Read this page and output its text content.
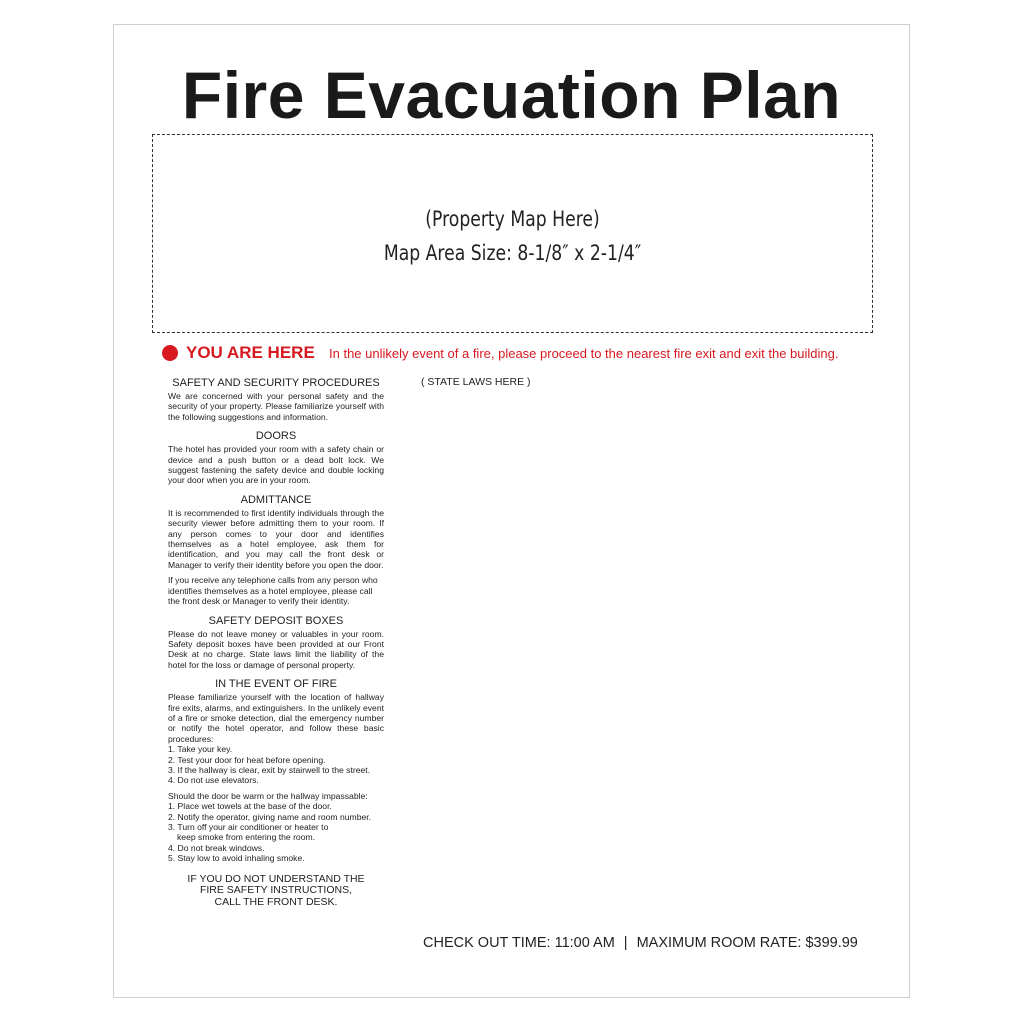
Fire Evacuation Plan
(Property Map Here)
Map Area Size: 8-1/8″ x 2-1/4″
YOU ARE HERE In the unlikely event of a fire, please proceed to the nearest fire exit and exit the building.
SAFETY AND SECURITY PROCEDURES

We are concerned with your personal safety and the security of your property. Please familiarize yourself with the following suggestions and information.

DOORS

The hotel has provided your room with a safety chain or device and a push button or a dead bolt lock. We suggest fastening the safety device and double locking your door when you are in your room.

ADMITTANCE

It is recommended to first identify individuals through the security viewer before admitting them to your room. If any person comes to your door and identifies themselves as a hotel employee, ask them for identification, and you may call the front desk or Manager to verify their identity before you open the door.

If you receive any telephone calls from any person who identifies themselves as a hotel employee, please call the front desk or Manager to verify their identity.

SAFETY DEPOSIT BOXES

Please do not leave money or valuables in your room. Safety deposit boxes have been provided at our Front Desk at no charge. State laws limit the liability of the hotel for the loss or damage of personal property.

IN THE EVENT OF FIRE

Please familiarize yourself with the location of hallway fire exits, alarms, and extinguishers. In the unlikely event of a fire or smoke detection, dial the emergency number or notify the hotel operator, and follow these basic procedures:

1. Take your key.
2. Test your door for heat before opening.
3. If the hallway is clear, exit by stairwell to the street.
4. Do not use elevators.

Should the door be warm or the hallway impassable:

1. Place wet towels at the base of the door.
2. Notify the operator, giving name and room number.
3. Turn off your air conditioner or heater to
keep smoke from entering the room.
4. Do not break windows.
5. Stay low to avoid inhaling smoke.
IF YOU DO NOT UNDERSTAND THE
FIRE SAFETY INSTRUCTIONS,
CALL THE FRONT DESK.
( STATE LAWS HERE )
CHECK OUT TIME: 11:00 AM | MAXIMUM ROOM RATE: $399.99
